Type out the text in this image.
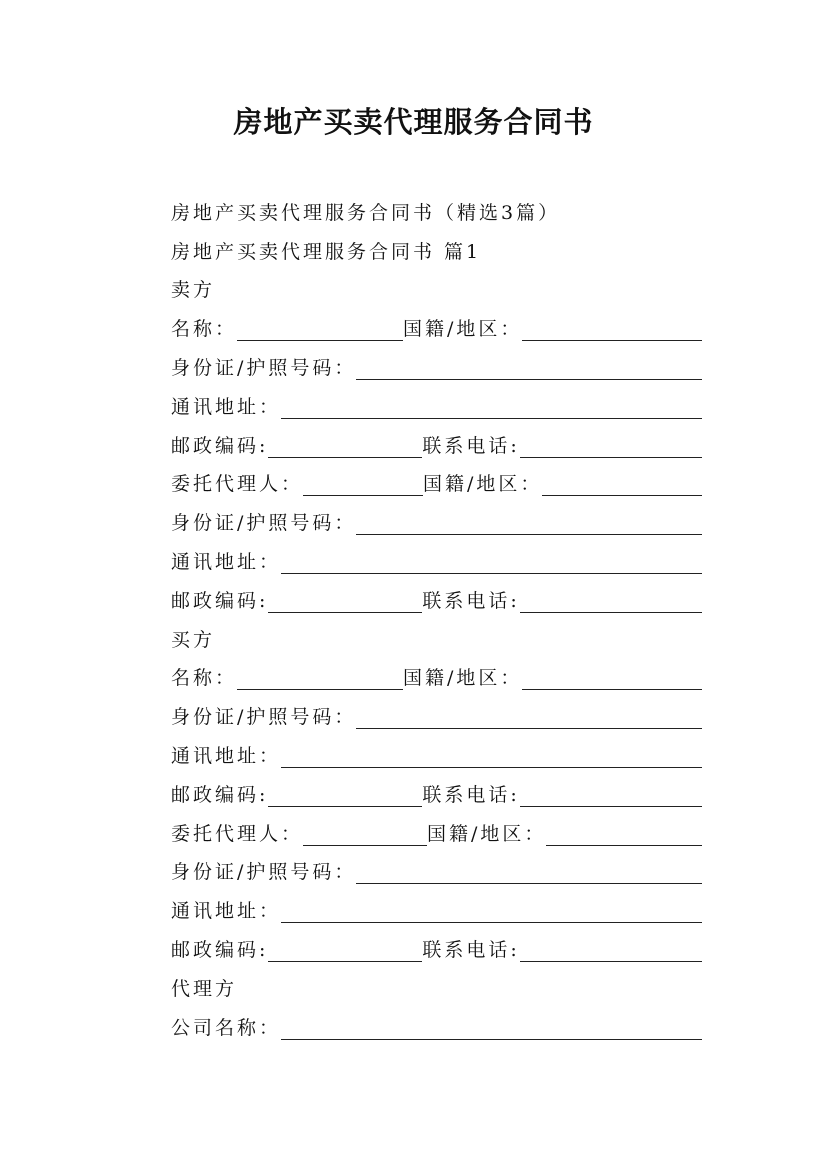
房地产买卖代理服务合同书
房地产买卖代理服务合同书（精选3篇）
房地产买卖代理服务合同书 篇1
卖方
名称：	国籍/地区：
身份证/护照号码：
通讯地址：
邮政编码:	联系电话:
委托代理人：	国籍/地区：
身份证/护照号码：
通讯地址：
邮政编码:	联系电话:
买方
名称：	国籍/地区：
身份证/护照号码：
通讯地址：
邮政编码:	联系电话:
委托代理人：	国籍/地区：
身份证/护照号码：
通讯地址：
邮政编码:	联系电话:
代理方
公司名称：
